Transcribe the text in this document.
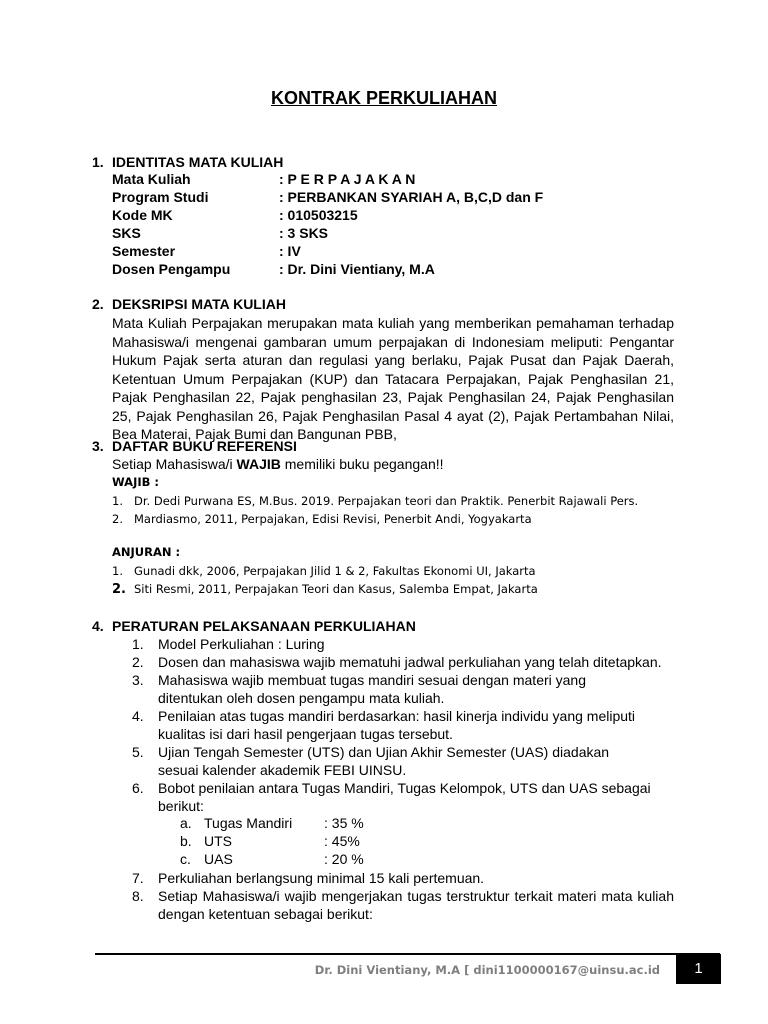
KONTRAK PERKULIAHAN
1. IDENTITAS MATA KULIAH
Mata Kuliah	: P E R P A J A K A N
Program Studi	: PERBANKAN SYARIAH A, B,C,D dan F
Kode MK	: 010503215
SKS	: 3 SKS
Semester	: IV
Dosen Pengampu	: Dr. Dini Vientiany, M.A
2. DEKSRIPSI MATA KULIAH
Mata Kuliah Perpajakan merupakan mata kuliah yang memberikan pemahaman terhadap Mahasiswa/i mengenai gambaran umum perpajakan di Indonesiam meliputi: Pengantar Hukum Pajak serta aturan dan regulasi yang berlaku, Pajak Pusat dan Pajak Daerah, Ketentuan Umum Perpajakan (KUP) dan Tatacara Perpajakan, Pajak Penghasilan 21, Pajak Penghasilan 22, Pajak penghasilan 23, Pajak Penghasilan 24, Pajak Penghasilan 25, Pajak Penghasilan 26, Pajak Penghasilan Pasal 4 ayat (2), Pajak Pertambahan Nilai, Bea Materai, Pajak Bumi dan Bangunan PBB,
3. DAFTAR BUKU REFERENSI
Setiap Mahasiswa/i WAJIB memiliki buku pegangan!!
WAJIB :
1. Dr. Dedi Purwana ES, M.Bus. 2019. Perpajakan teori dan Praktik. Penerbit Rajawali Pers.
2. Mardiasmo, 2011, Perpajakan, Edisi Revisi, Penerbit Andi, Yogyakarta
ANJURAN :
1. Gunadi dkk, 2006, Perpajakan Jilid 1 & 2, Fakultas Ekonomi UI, Jakarta
2. Siti Resmi, 2011, Perpajakan Teori dan Kasus, Salemba Empat, Jakarta
4. PERATURAN PELAKSANAAN PERKULIAHAN
1. Model Perkuliahan : Luring
2. Dosen dan mahasiswa wajib mematuhi jadwal perkuliahan yang telah ditetapkan.
3. Mahasiswa wajib membuat tugas mandiri sesuai dengan materi yang ditentukan oleh dosen pengampu mata kuliah.
4. Penilaian atas tugas mandiri berdasarkan: hasil kinerja individu yang meliputi kualitas isi dari hasil pengerjaan tugas tersebut.
5. Ujian Tengah Semester (UTS) dan Ujian Akhir Semester (UAS) diadakan sesuai kalender akademik FEBI UINSU.
6. Bobot penilaian antara Tugas Mandiri, Tugas Kelompok, UTS dan UAS sebagai berikut:
a. Tugas Mandiri : 35 %
b. UTS	: 45%
c. UAS	: 20 %
7. Perkuliahan berlangsung minimal 15 kali pertemuan.
8. Setiap Mahasiswa/i wajib mengerjakan tugas terstruktur terkait materi mata kuliah dengan ketentuan sebagai berikut:
Dr. Dini Vientiany, M.A [ dini1100000167@uinsu.ac.id	1
